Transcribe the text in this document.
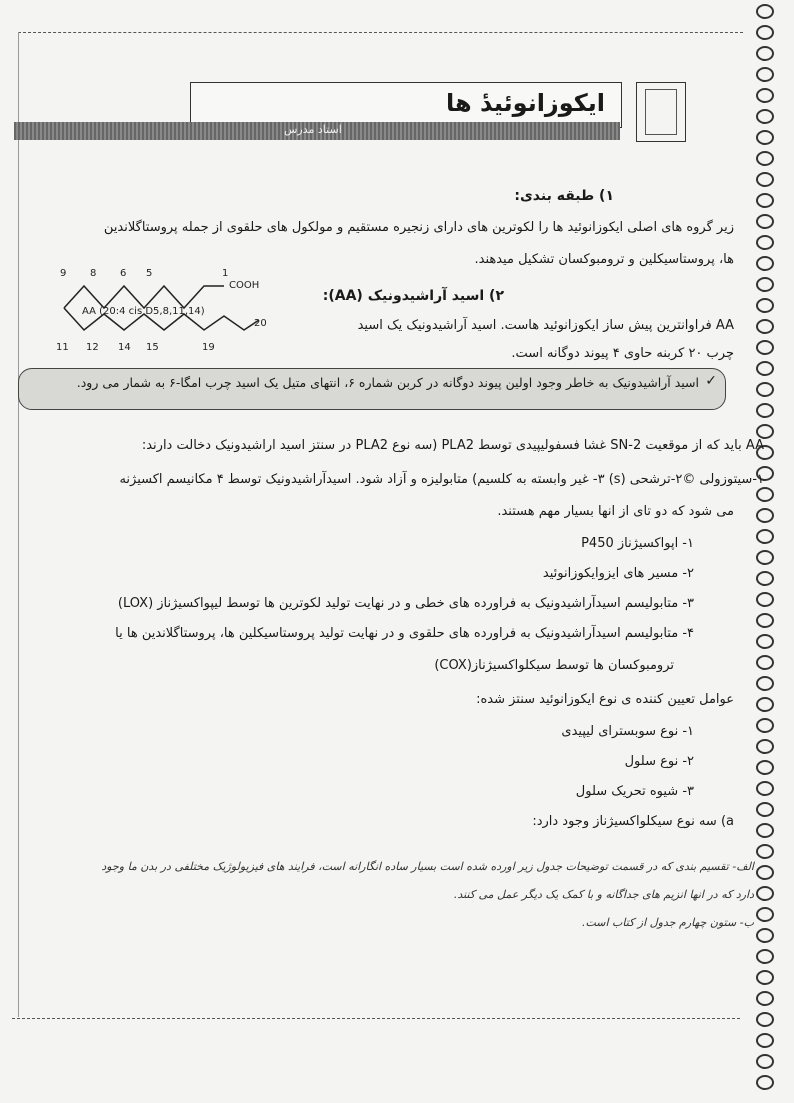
ایکوزانوئیدٔ ها
استاد مدرس
۱) طبقه بندی:
زیر گروه های اصلی ایکوزانوئید ها را لکوترین های دارای زنجیره مستقیم و مولکول های حلقوی از جمله پروستاگلاندین
ها، پروستاسیکلین و ترومبوکسان تشکیل میدهند.
COOH
AA (20:4 cis D5,8,11,14)
9 8 6 5	1
11 12 14 15	19
20
۲) اسید آراشیدونیک (AA):
AA فراوانترین پیش ساز ایکوزانوئید هاست. اسید آراشیدونیک یک اسید
چرب ۲۰ کربنه حاوی ۴ پیوند دوگانه است.
✓
اسید آراشیدونیک به خاطر وجود اولین پیوند دوگانه در کربن شماره ۶، انتهای متیل یک اسید چرب امگا-۶ به شمار می رود.
AA باید که از موقعیت SN-2 غشا فسفولیپیدی توسط PLA2 (سه نوع PLA2 در سنتز اسید اراشیدونیک دخالت دارند:
۱-سیتوزولی ©۲-ترشحی (s) ۳- غیر وابسته به کلسیم) متابولیزه و آزاد شود. اسیدآراشیدونیک توسط ۴ مکانیسم اکسیژنه
می شود که دو تای از انها بسیار مهم هستند.
۱- اپواکسیژناز P450
۲- مسیر های ایزوایکوزانوئید
۳- متابولیسم اسیدآراشیدونیک به فراورده های خطی و در نهایت تولید لکوترین ها توسط لیپواکسیژناز (LOX)
۴- متابولیسم اسیدآراشیدونیک به فراورده های حلقوی و در نهایت تولید پروستاسیکلین ها، پروستاگلاندین ها یا
ترومبوکسان ها توسط سیکلواکسیژناز(COX)
عوامل تعیین کننده ی نوع ایکوزانوئید سنتز شده:
۱- نوع سوبسترای لیپیدی
۲- نوع سلول
۳- شیوه تحریک سلول
a) سه نوع سیکلواکسیژناز وجود دارد:
الف- تقسیم بندی که در قسمت توضیحات جدول زیر اورده شده است بسیار ساده انگارانه است، فرایند های فیزیولوژیک مختلفی در بدن ما وجود
دارد که در انها انزیم های جداگانه و با کمک یک دیگر عمل می کنند.
ب- ستون چهارم جدول از کتاب است.
